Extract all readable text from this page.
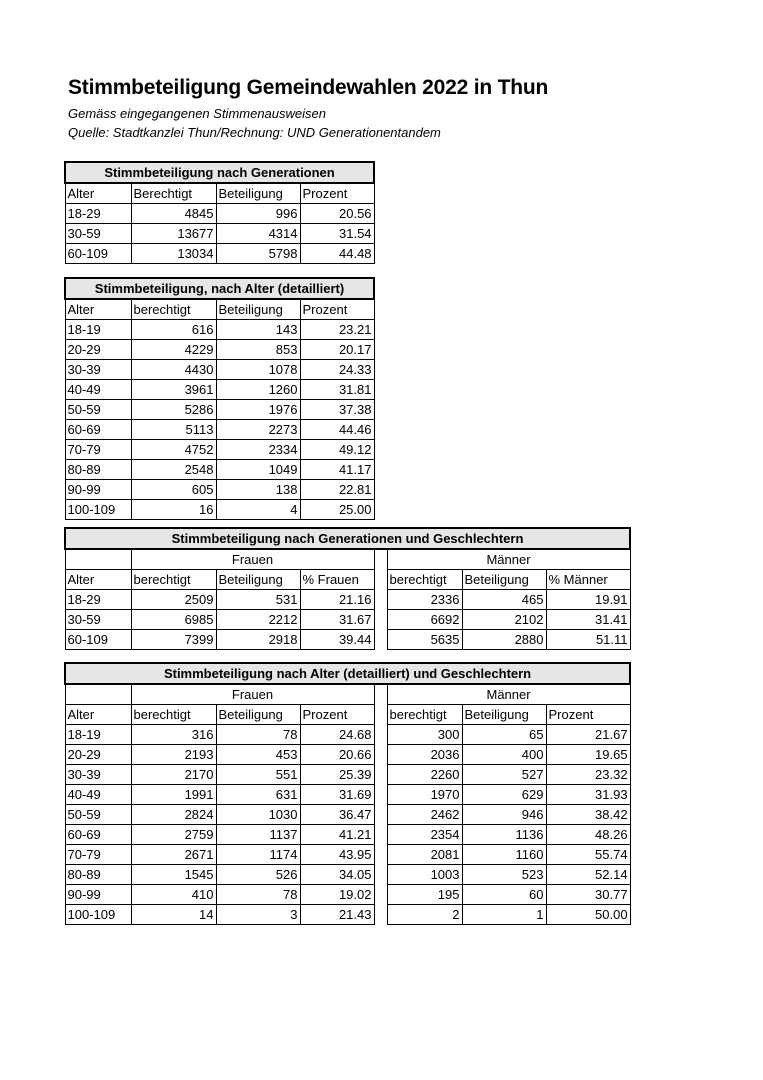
Stimmbeteiligung Gemeindewahlen 2022 in Thun
Gemäss eingegangenen Stimmenausweisen
Quelle: Stadtkanzlei Thun/Rechnung: UND Generationentandem
Stimmbeteiligung nach Generationen			
Alter	Berechtigt	Beteiligung	Prozent
18-29	4845	996	20.56
30-59	13677	4314	31.54
60-109	13034	5798	44.48
Stimmbeteiligung, nach Alter (detailliert)			
Alter	berechtigt	Beteiligung	Prozent
18-19	616	143	23.21
20-29	4229	853	20.17
30-39	4430	1078	24.33
40-49	3961	1260	31.81
50-59	5286	1976	37.38
60-69	5113	2273	44.46
70-79	4752	2334	49.12
80-89	2548	1049	41.17
90-99	605	138	22.81
100-109	16	4	25.00
Stimmbeteiligung nach Generationen und Geschlechtern							
	Frauen				Männer		
Alter	berechtigt	Beteiligung	% Frauen		berechtigt	Beteiligung	% Männer
18-29	2509	531	21.16		2336	465	19.91
30-59	6985	2212	31.67		6692	2102	31.41
60-109	7399	2918	39.44		5635	2880	51.11
Stimmbeteiligung nach Alter (detailliert) und Geschlechtern							
	Frauen				Männer		
Alter	berechtigt	Beteiligung	Prozent		berechtigt	Beteiligung	Prozent
18-19	316	78	24.68		300	65	21.67
20-29	2193	453	20.66		2036	400	19.65
30-39	2170	551	25.39		2260	527	23.32
40-49	1991	631	31.69		1970	629	31.93
50-59	2824	1030	36.47		2462	946	38.42
60-69	2759	1137	41.21		2354	1136	48.26
70-79	2671	1174	43.95		2081	1160	55.74
80-89	1545	526	34.05		1003	523	52.14
90-99	410	78	19.02		195	60	30.77
100-109	14	3	21.43		2	1	50.00
